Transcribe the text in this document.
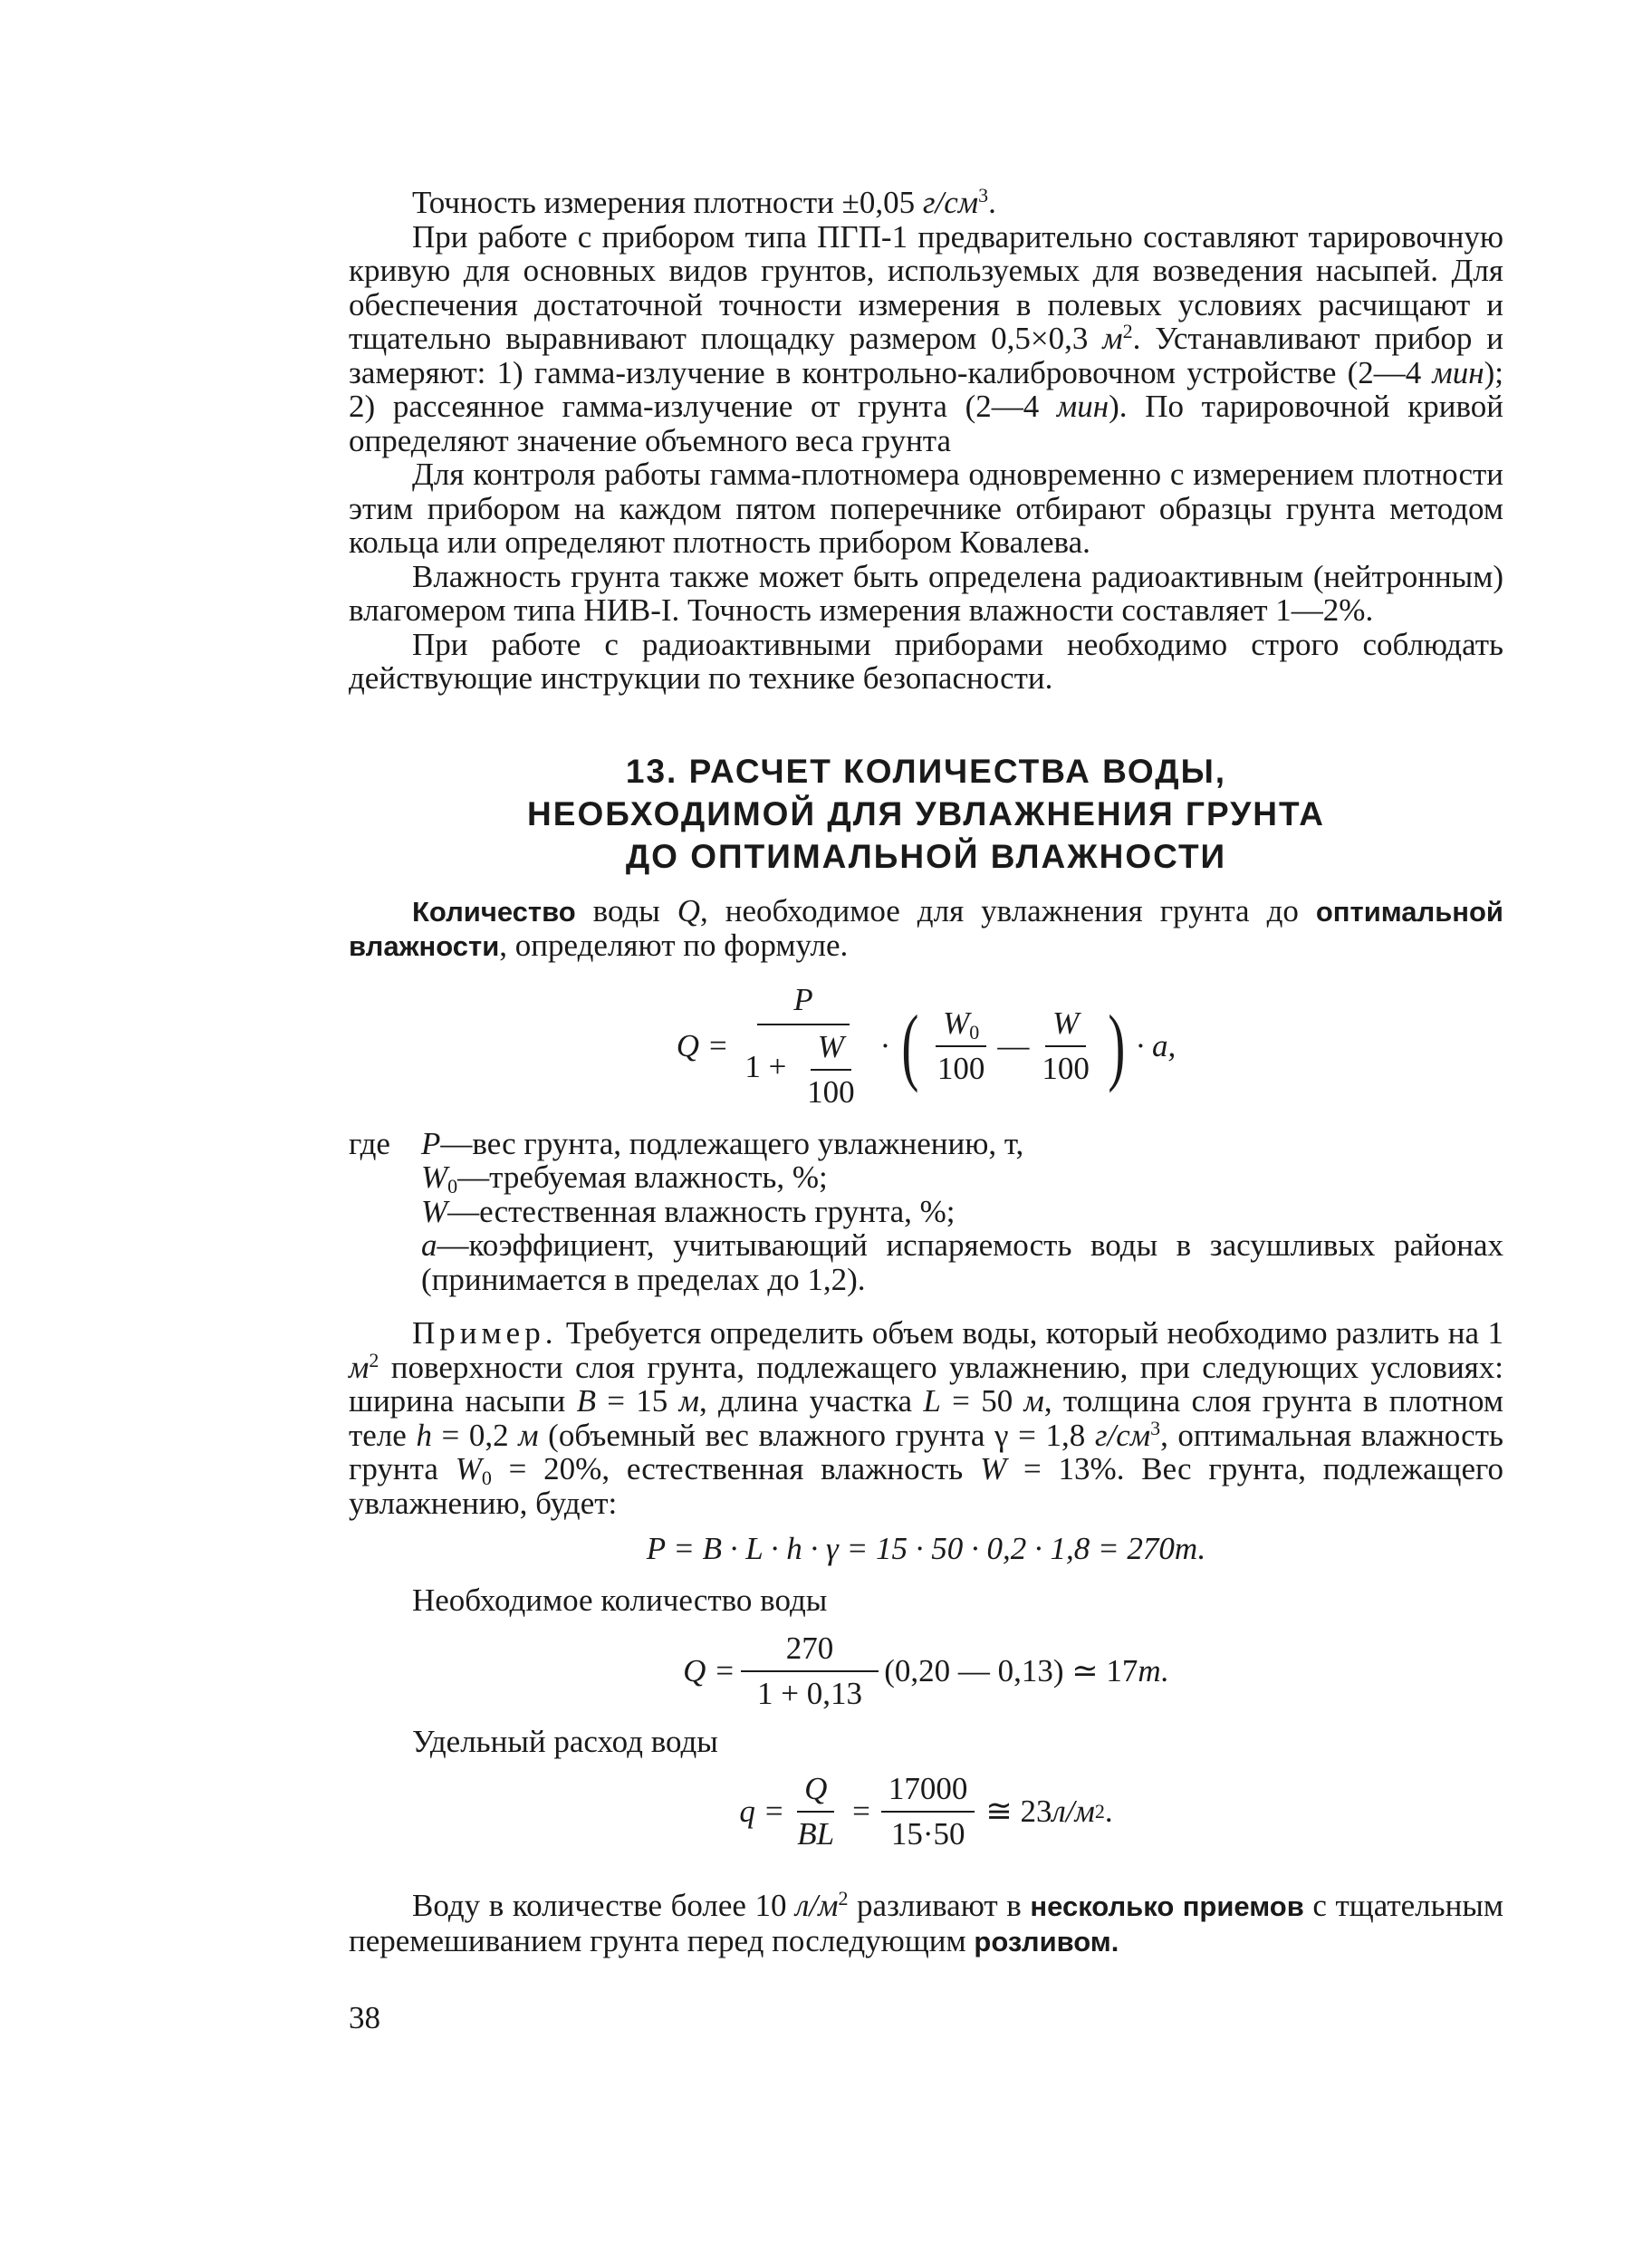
Точность измерения плотности ±0,05 $г/см^3$.

При работе с прибором типа ПГП-1 предварительно составляют тарировочную кривую для основных видов грунтов, используемых для возведения насыпей. Для обеспечения достаточной точности измерения в полевых условиях расчищают и тщательно выравнивают площадку размером 0,5×0,3 $м^2$. Устанавливают прибор и замеряют: 1) гамма-излучение в контрольно-калибровочном устройстве (2—4 мин); 2) рассеянное гамма-излучение от грунта (2—4 мин). По тарировочной кривой определяют значение объемного веса грунта

Для контроля работы гамма-плотномера одновременно с измерением плотности этим прибором на каждом пятом поперечнике отбирают образцы грунта методом кольца или определяют плотность прибором Ковалева.

Влажность грунта также может быть определена радиоактивным (нейтронным) влагомером типа НИВ-I. Точность измерения влажности составляет 1—2%.

При работе с радиоактивными приборами необходимо строго соблюдать действующие инструкции по технике безопасности.

13. РАСЧЕТ КОЛИЧЕСТВА ВОДЫ,
НЕОБХОДИМОЙ ДЛЯ УВЛАЖНЕНИЯ ГРУНТА
ДО ОПТИМАЛЬНОЙ ВЛАЖНОСТИ

Количество воды Q, необходимое для увлажнения грунта до оптимальной влажности, определяют по формуле.

$Q = \frac{P}{1 + \frac{W}{100}}$ · ( $\frac{W_0}{100}$ — $\frac{W}{100}$ ) · a,
где P—вес грунта, подлежащего увлажнению, т,
$W_0—требуемая$ влажность, %;
W—естественная влажность грунта, %;
a—коэффициент, учитывающий испаряемость воды в засушливых районах (принимается в пределах до 1,2).

Пример. Требуется определить объем воды, который необходимо разлить на 1 $м^2$ поверхности слоя грунта, подлежащего увлажнению, при следующих условиях: ширина насыпи B = 15 м, длина участка L = 50 м, толщина слоя грунта в плотном теле h = 0,2 м (объемный вес влажного грунта γ = 1,8 $г/см^3$, оптимальная влажность грунта $W_0 = 20\%$, естественная влажность W = 13%. Вес грунта, подлежащего увлажнению, будет:

P = B · L · h · γ = 15 · 50 · 0,2 · 1,8 = 270 т.

Необходимое количество воды

$Q = \frac{270}{1 + 0,13} (0,20$ — 0,13) ≃ 17 т.

Удельный расход воды

$q = \frac{Q}{BL} = \frac{17000}{15\cdot 50}$ ≅ 23 л/м 2 .

Воду в количестве более 10 $л/м^2$ разливают в несколько приемов с тщательным перемешиванием грунта перед последующим розливом.

38
